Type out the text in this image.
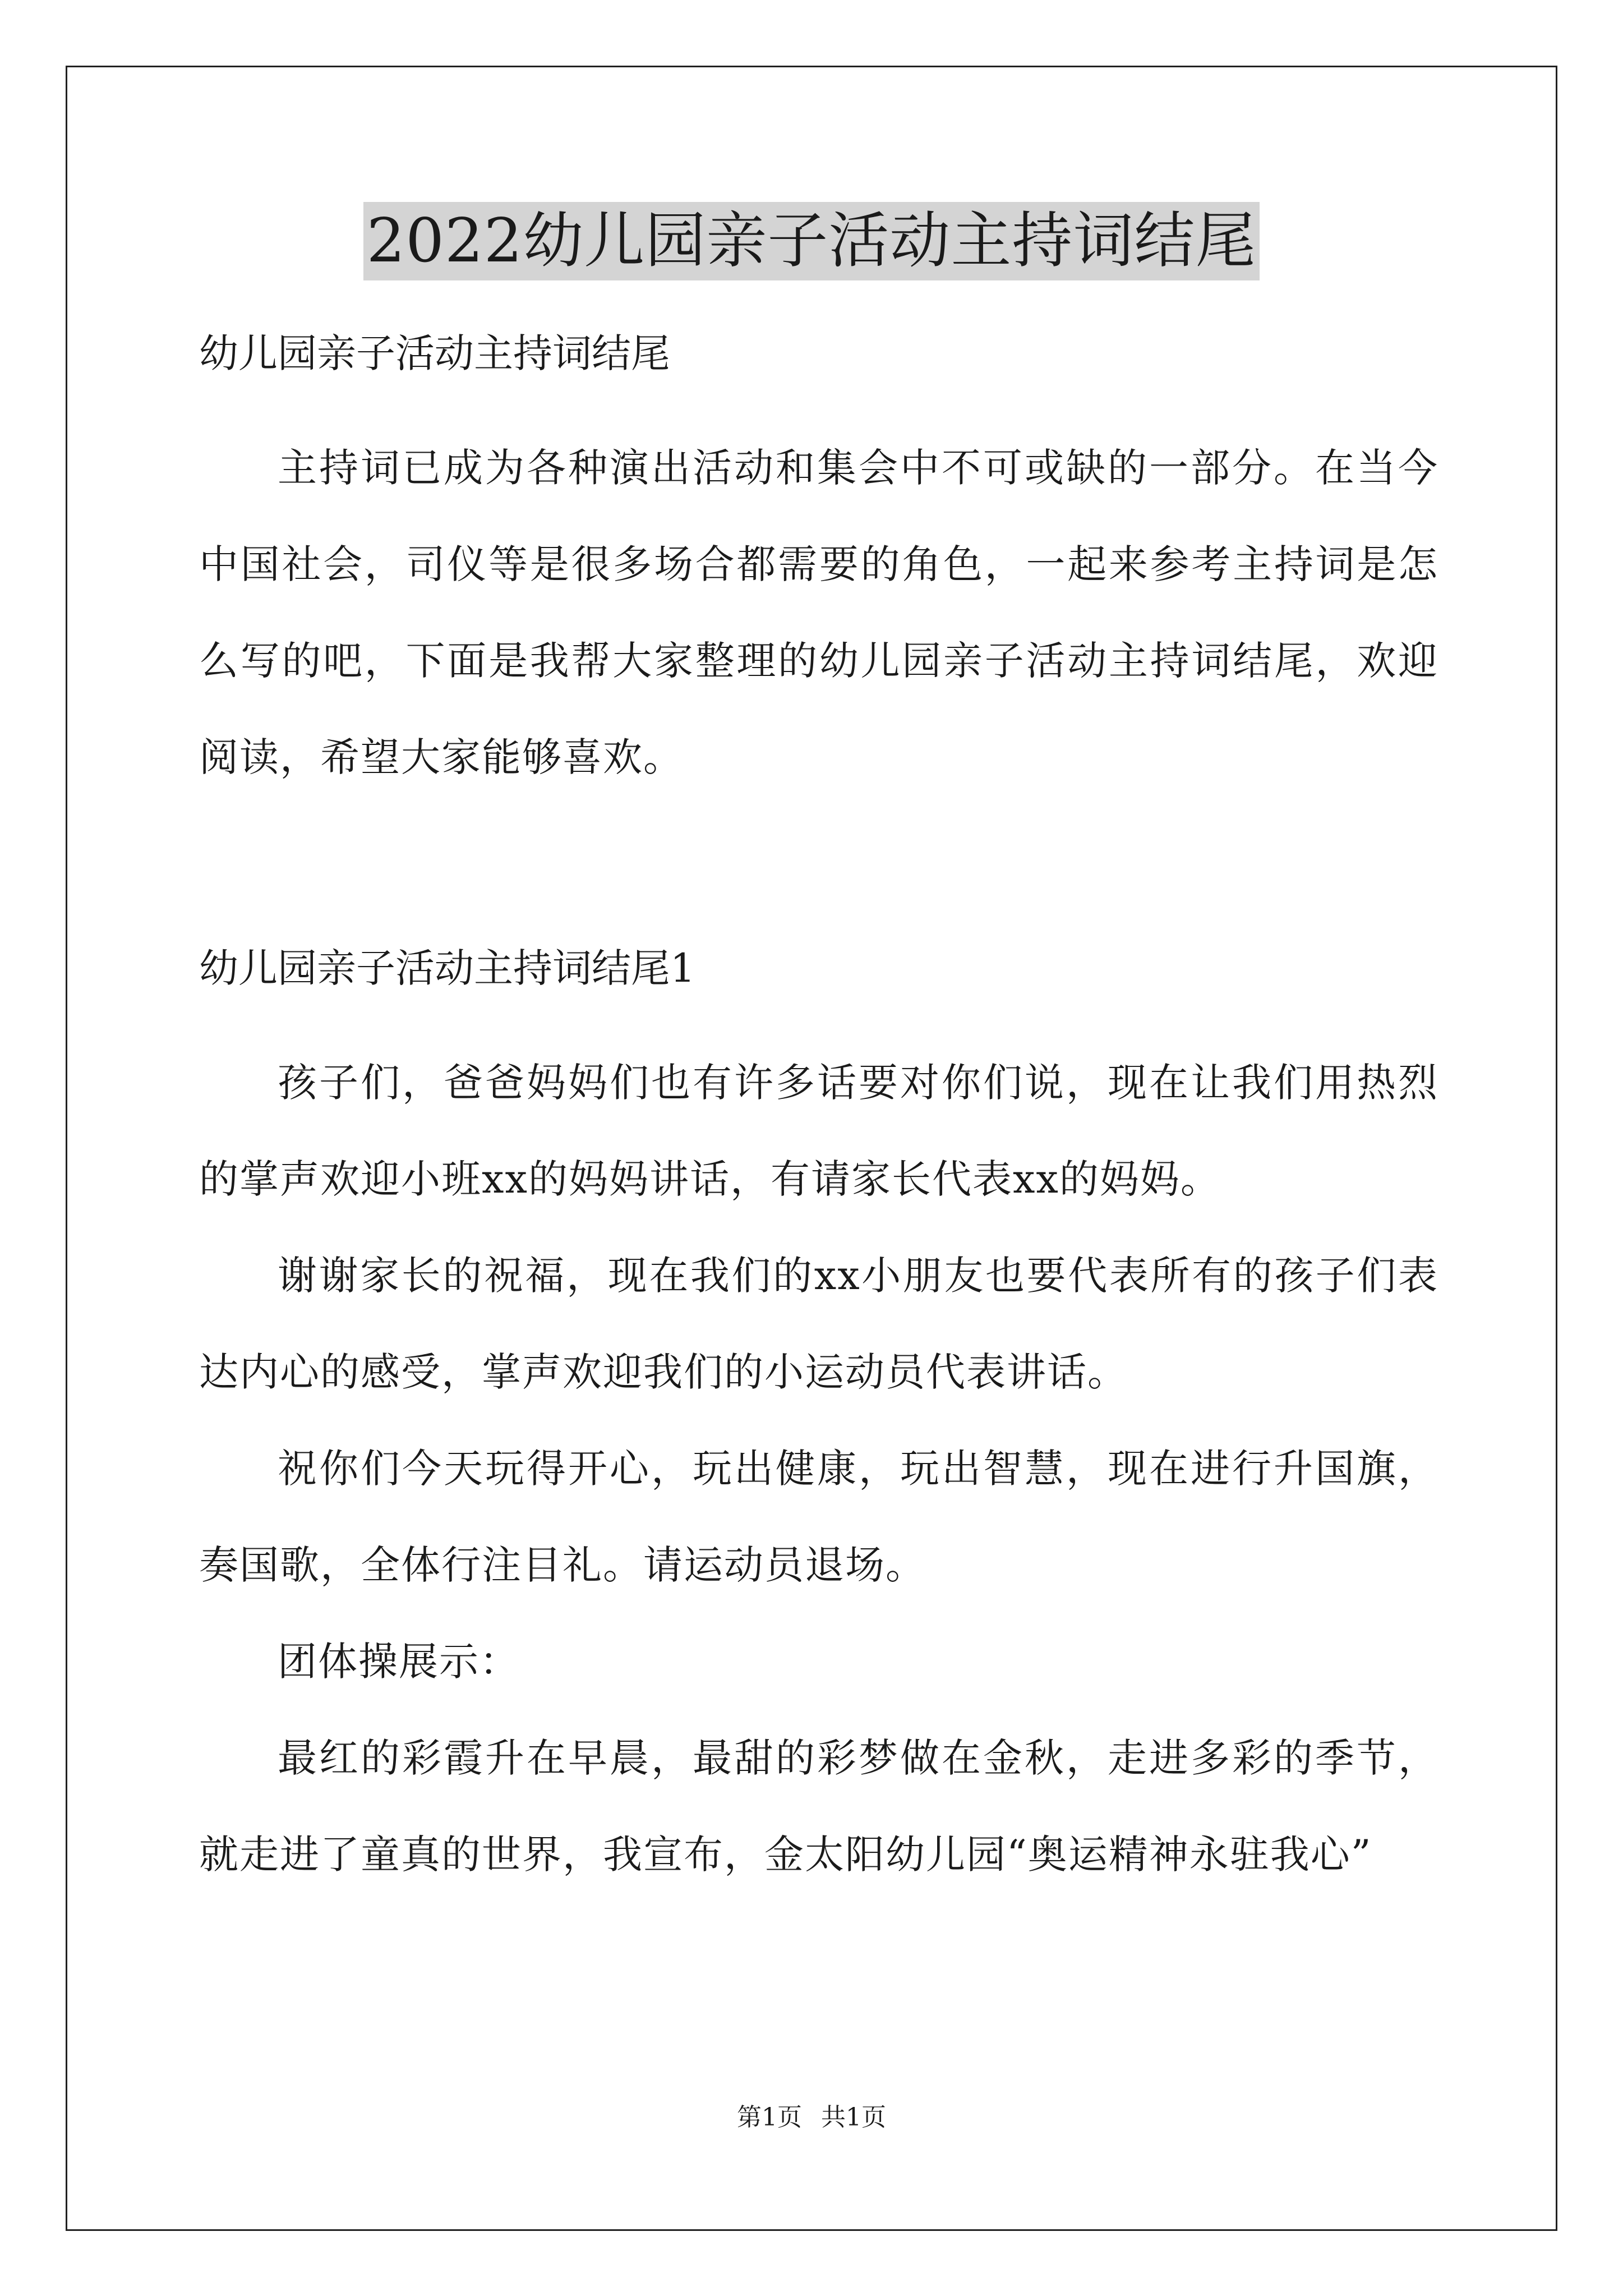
2022幼儿园亲子活动主持词结尾

幼儿园亲子活动主持词结尾

主持词已成为各种演出活动和集会中不可或缺的一部分。在当今中国社会，司仪等是很多场合都需要的角色，一起来参考主持词是怎么写的吧，下面是我帮大家整理的幼儿园亲子活动主持词结尾，欢迎阅读，希望大家能够喜欢。

幼儿园亲子活动主持词结尾1

孩子们，爸爸妈妈们也有许多话要对你们说，现在让我们用热烈的掌声欢迎小班xx的妈妈讲话，有请家长代表xx的妈妈。

谢谢家长的祝福，现在我们的xx小朋友也要代表所有的孩子们表达内心的感受，掌声欢迎我们的小运动员代表讲话。

祝你们今天玩得开心，玩出健康，玩出智慧，现在进行升国旗，奏国歌，全体行注目礼。请运动员退场。

团体操展示：

最红的彩霞升在早晨，最甜的彩梦做在金秋，走进多彩的季节，就走进了童真的世界，我宣布，金太阳幼儿园“奥运精神永驻我心”

第1页 共1页
